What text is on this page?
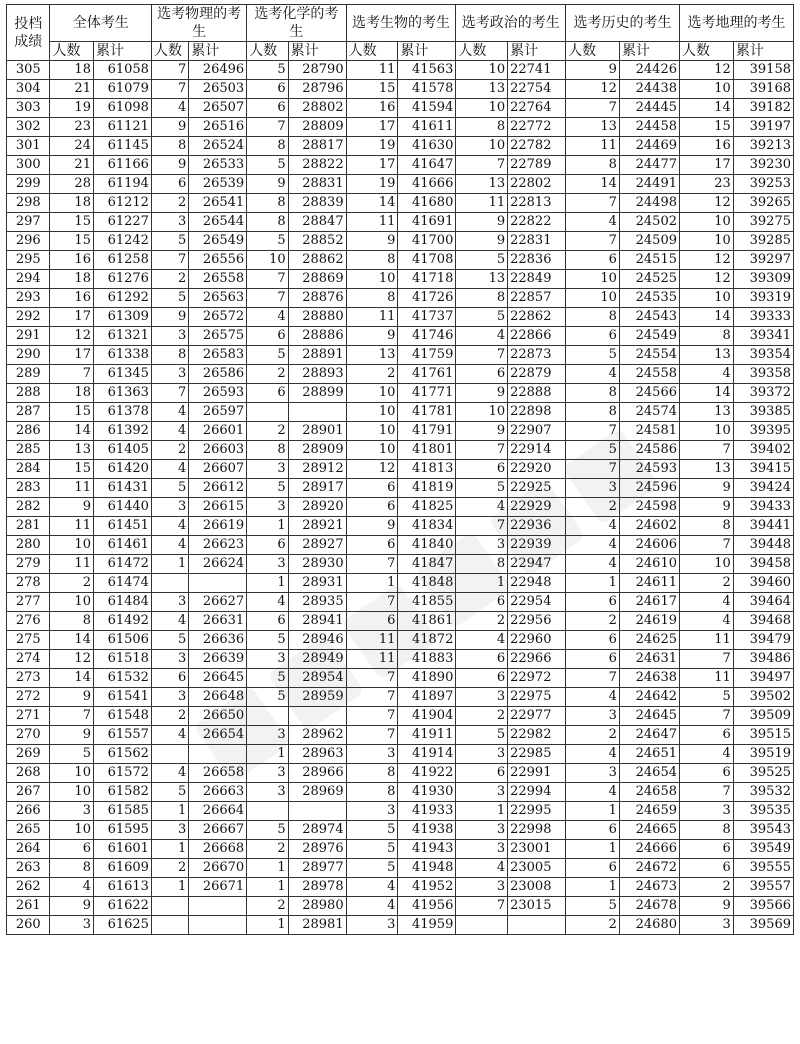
投档成绩	全体考生		选考物理的考生		选考化学的考生		选考生物的考生		选考政治的考生		选考历史的考生		选考地理的考生	
	人数	累计	人数	累计	人数	累计	人数	累计	人数	累计	人数	累计	人数	累计
305	18	61058	7	26496	5	28790	11	41563	10	22741	9	24426	12	39158
304	21	61079	7	26503	6	28796	15	41578	13	22754	12	24438	10	39168
303	19	61098	4	26507	6	28802	16	41594	10	22764	7	24445	14	39182
302	23	61121	9	26516	7	28809	17	41611	8	22772	13	24458	15	39197
301	24	61145	8	26524	8	28817	19	41630	10	22782	11	24469	16	39213
300	21	61166	9	26533	5	28822	17	41647	7	22789	8	24477	17	39230
299	28	61194	6	26539	9	28831	19	41666	13	22802	14	24491	23	39253
298	18	61212	2	26541	8	28839	14	41680	11	22813	7	24498	12	39265
297	15	61227	3	26544	8	28847	11	41691	9	22822	4	24502	10	39275
296	15	61242	5	26549	5	28852	9	41700	9	22831	7	24509	10	39285
295	16	61258	7	26556	10	28862	8	41708	5	22836	6	24515	12	39297
294	18	61276	2	26558	7	28869	10	41718	13	22849	10	24525	12	39309
293	16	61292	5	26563	7	28876	8	41726	8	22857	10	24535	10	39319
292	17	61309	9	26572	4	28880	11	41737	5	22862	8	24543	14	39333
291	12	61321	3	26575	6	28886	9	41746	4	22866	6	24549	8	39341
290	17	61338	8	26583	5	28891	13	41759	7	22873	5	24554	13	39354
289	7	61345	3	26586	2	28893	2	41761	6	22879	4	24558	4	39358
288	18	61363	7	26593	6	28899	10	41771	9	22888	8	24566	14	39372
287	15	61378	4	26597			10	41781	10	22898	8	24574	13	39385
286	14	61392	4	26601	2	28901	10	41791	9	22907	7	24581	10	39395
285	13	61405	2	26603	8	28909	10	41801	7	22914	5	24586	7	39402
284	15	61420	4	26607	3	28912	12	41813	6	22920	7	24593	13	39415
283	11	61431	5	26612	5	28917	6	41819	5	22925	3	24596	9	39424
282	9	61440	3	26615	3	28920	6	41825	4	22929	2	24598	9	39433
281	11	61451	4	26619	1	28921	9	41834	7	22936	4	24602	8	39441
280	10	61461	4	26623	6	28927	6	41840	3	22939	4	24606	7	39448
279	11	61472	1	26624	3	28930	7	41847	8	22947	4	24610	10	39458
278	2	61474			1	28931	1	41848	1	22948	1	24611	2	39460
277	10	61484	3	26627	4	28935	7	41855	6	22954	6	24617	4	39464
276	8	61492	4	26631	6	28941	6	41861	2	22956	2	24619	4	39468
275	14	61506	5	26636	5	28946	11	41872	4	22960	6	24625	11	39479
274	12	61518	3	26639	3	28949	11	41883	6	22966	6	24631	7	39486
273	14	61532	6	26645	5	28954	7	41890	6	22972	7	24638	11	39497
272	9	61541	3	26648	5	28959	7	41897	3	22975	4	24642	5	39502
271	7	61548	2	26650			7	41904	2	22977	3	24645	7	39509
270	9	61557	4	26654	3	28962	7	41911	5	22982	2	24647	6	39515
269	5	61562			1	28963	3	41914	3	22985	4	24651	4	39519
268	10	61572	4	26658	3	28966	8	41922	6	22991	3	24654	6	39525
267	10	61582	5	26663	3	28969	8	41930	3	22994	4	24658	7	39532
266	3	61585	1	26664			3	41933	1	22995	1	24659	3	39535
265	10	61595	3	26667	5	28974	5	41938	3	22998	6	24665	8	39543
264	6	61601	1	26668	2	28976	5	41943	3	23001	1	24666	6	39549
263	8	61609	2	26670	1	28977	5	41948	4	23005	6	24672	6	39555
262	4	61613	1	26671	1	28978	4	41952	3	23008	1	24673	2	39557
261	9	61622			2	28980	4	41956	7	23015	5	24678	9	39566
260	3	61625			1	28981	3	41959			2	24680	3	39569
